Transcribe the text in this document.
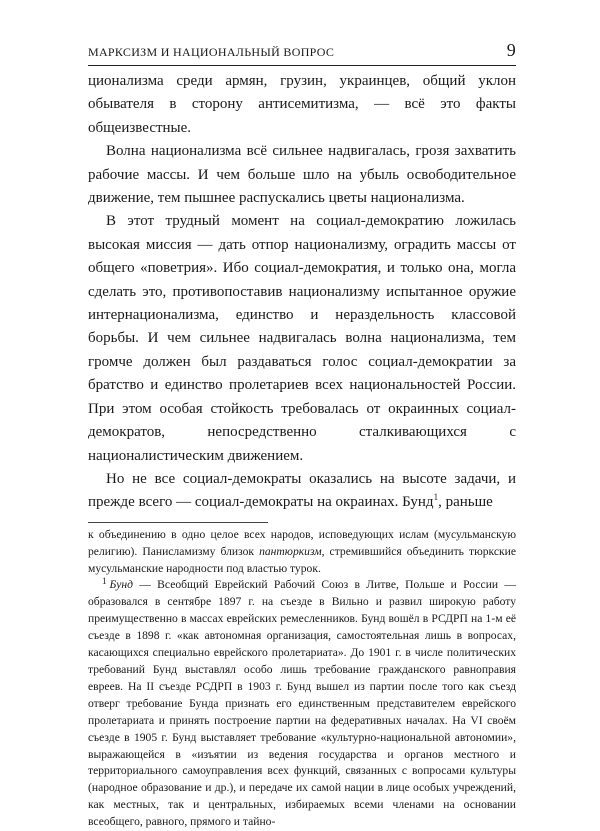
МАРКСИЗМ И НАЦИОНАЛЬНЫЙ ВОПРОС	9

ционализма среди армян, грузин, украинцев, общий уклон обывателя в сторону антисемитизма, — всё это факты общеизвестные.

Волна национализма всё сильнее надвигалась, грозя захватить рабочие массы. И чем больше шло на убыль освободительное движение, тем пышнее распускались цветы национализма.

В этот трудный момент на социал-демократию ложилась высокая миссия — дать отпор национализму, оградить массы от общего «поветрия». Ибо социал-демократия, и только она, могла сделать это, противопоставив национализму испытанное оружие интернационализма, единство и нераздельность классовой борьбы. И чем сильнее надвигалась волна национализма, тем громче должен был раздаваться голос социал-демократии за братство и единство пролетариев всех национальностей России. При этом особая стойкость требовалась от окраинных социал-демократов, непосредственно сталкивающихся с националистическим движением.

Но не все социал-демократы оказались на высоте задачи, и прежде всего — социал-демократы на окраинах. Бунд$^1$, раньше

к объединению в одно целое всех народов, исповедующих ислам (мусульманскую религию). Панисламизму близок пантюркизм, стремившийся объединить тюркские мусульманские народности под властью турок.

$^1$ Бунд — Всеобщий Еврейский Рабочий Союз в Литве, Польше и России — образовался в сентябре 1897 г. на съезде в Вильно и развил широкую работу преимущественно в массах еврейских ремесленников. Бунд вошёл в РСДРП на 1-м её съезде в 1898 г. «как автономная организация, самостоятельная лишь в вопросах, касающихся специально еврейского пролетариата». До 1901 г. в числе политических требований Бунд выставлял особо лишь требование гражданского равноправия евреев. На II съезде РСДРП в 1903 г. Бунд вышел из партии после того как съезд отверг требование Бунда признать его единственным представителем еврейского пролетариата и принять построение партии на федеративных началах. На VI своём съезде в 1905 г. Бунд выставляет требование «культурно-национальной автономии», выражающейся в «изъятии из ведения государства и органов местного и территориального самоуправления всех функций, связанных с вопросами культуры (народное образование и др.), и передаче их самой нации в лице особых учреждений, как местных, так и центральных, избираемых всеми членами на основании всеобщего, равного, прямого и тайно-
